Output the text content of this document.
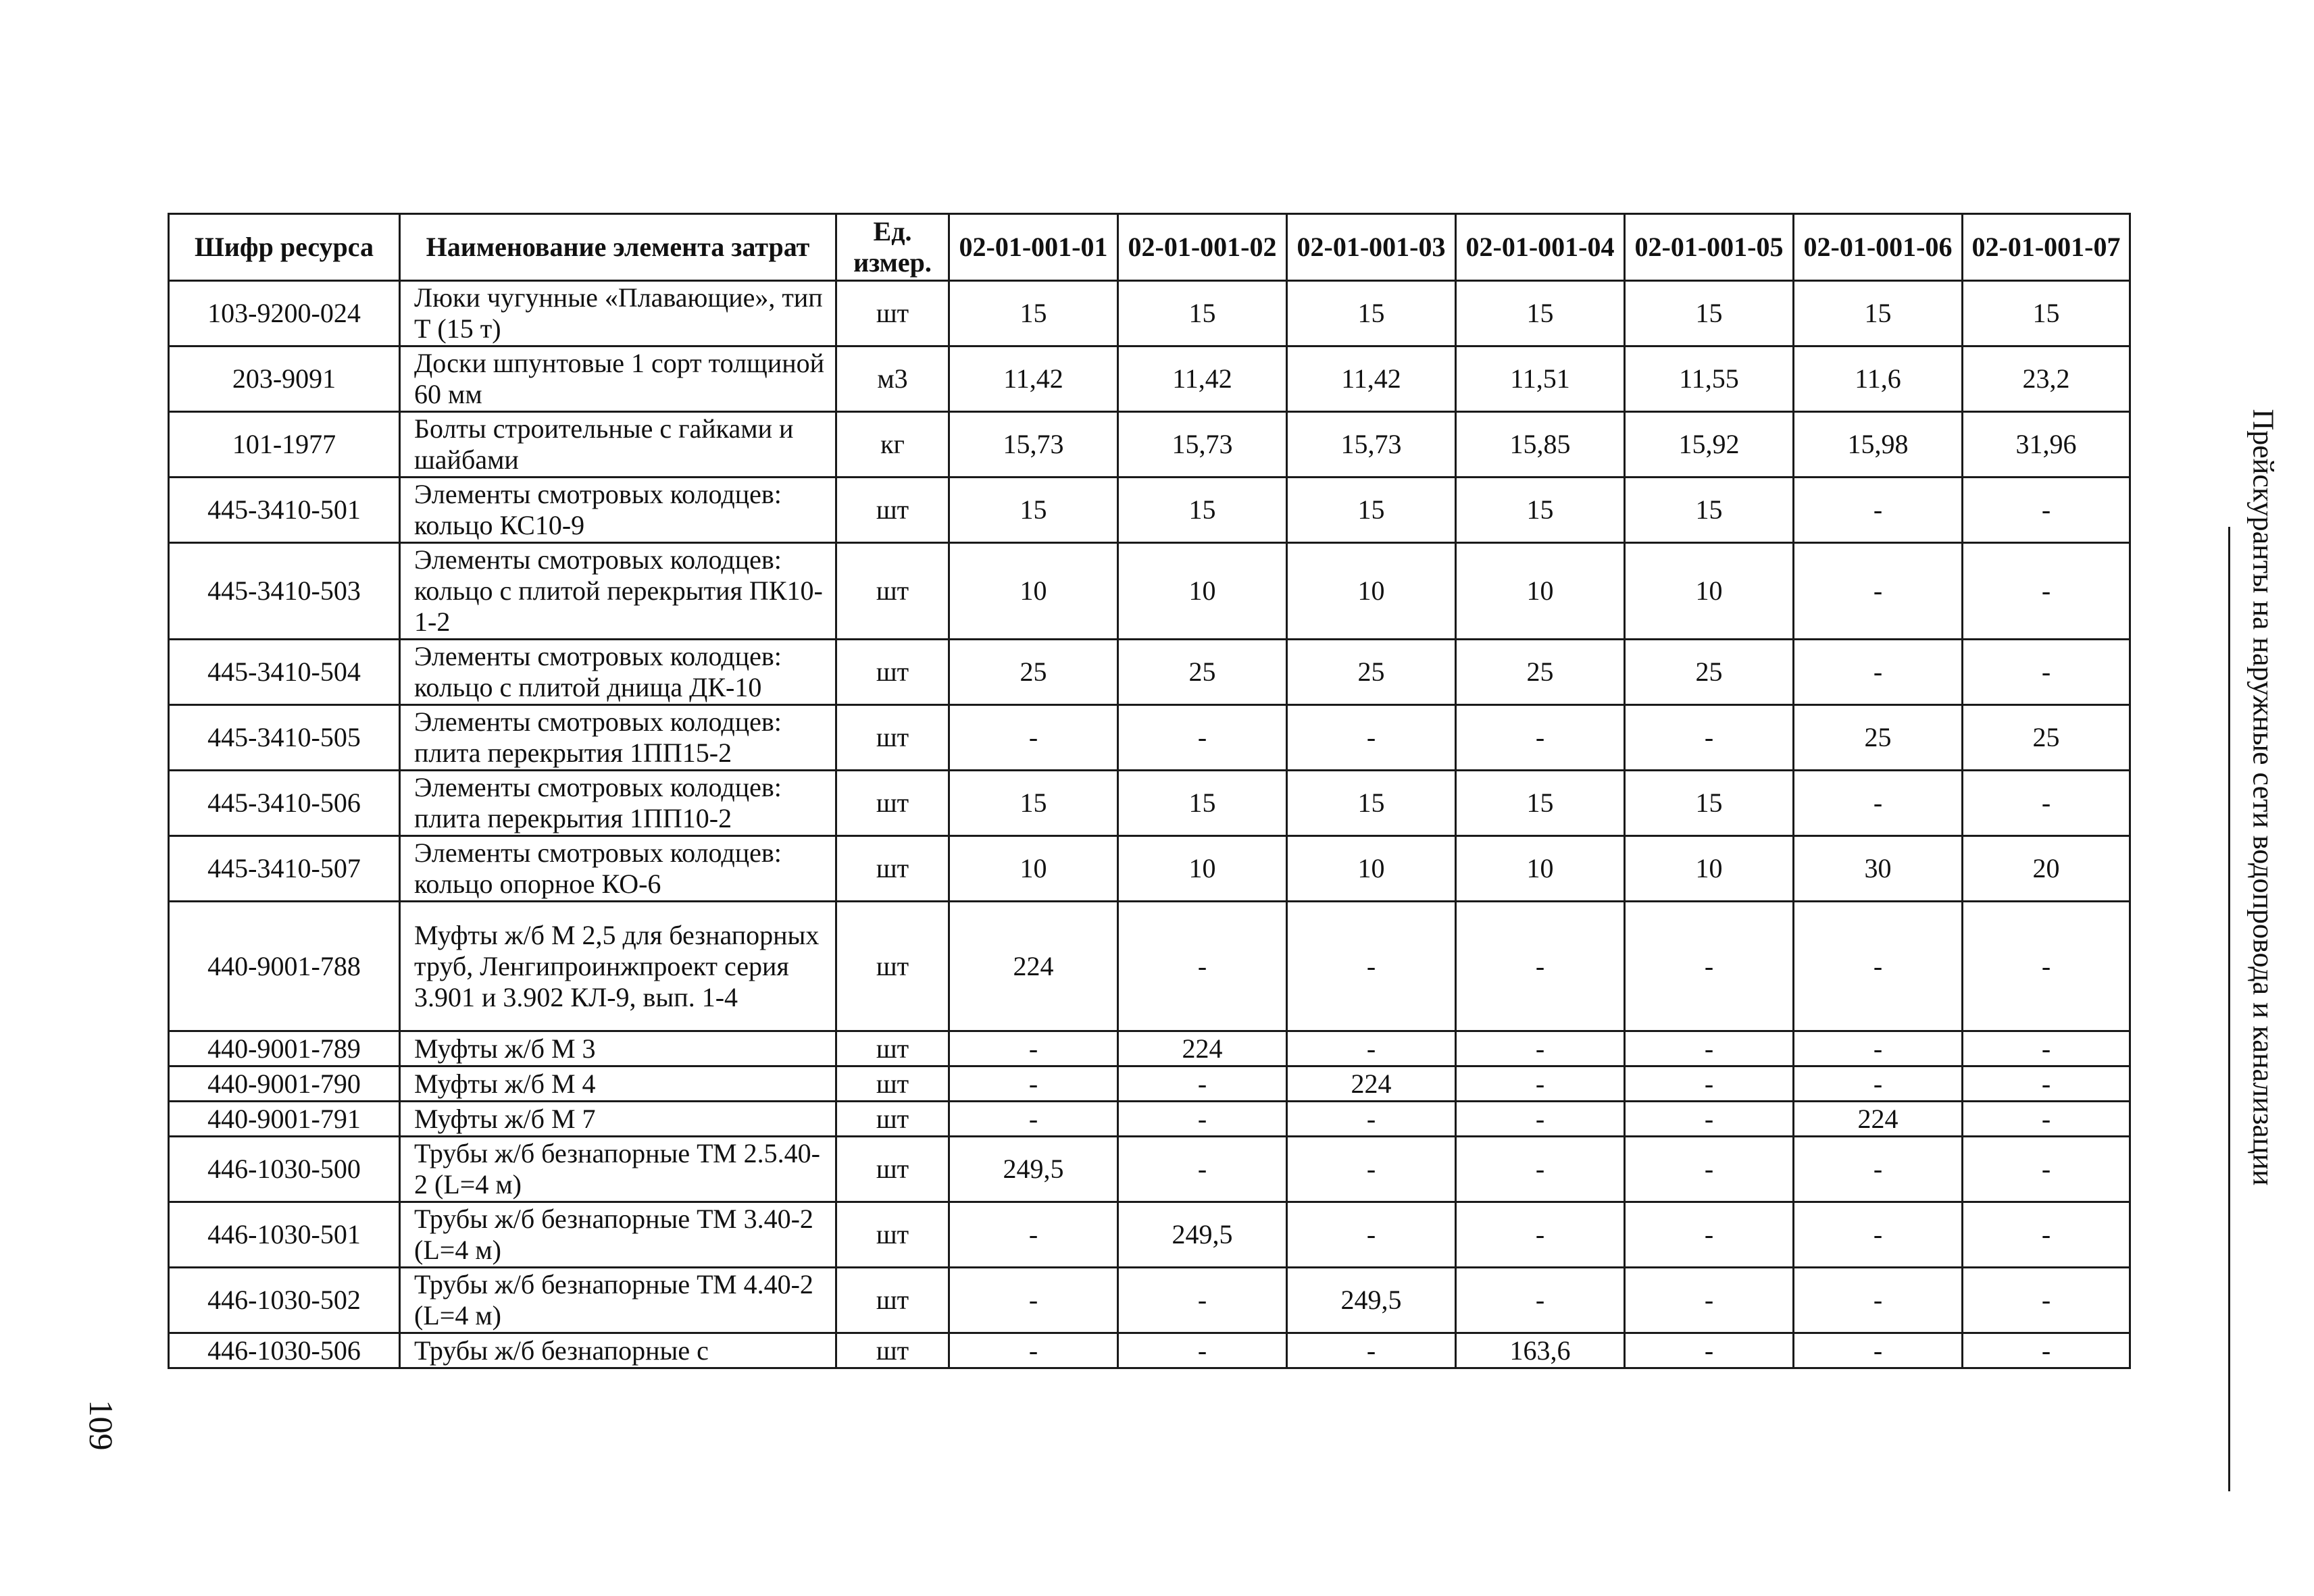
Шифр ресурса	Наименование элемента затрат	Ед. измер.	02-01-001-01	02-01-001-02	02-01-001-03	02-01-001-04	02-01-001-05	02-01-001-06	02-01-001-07
103-9200-024	Люки чугунные «Плавающие», тип Т (15 т)	шт	15	15	15	15	15	15	15
203-9091	Доски шпунтовые 1 сорт толщиной 60 мм	м3	11,42	11,42	11,42	11,51	11,55	11,6	23,2
101-1977	Болты строительные с гайками и шайбами	кг	15,73	15,73	15,73	15,85	15,92	15,98	31,96
445-3410-501	Элементы смотровых колодцев: кольцо КС10-9	шт	15	15	15	15	15	-	-
445-3410-503	Элементы смотровых колодцев: кольцо с плитой перекрытия ПК10-1-2	шт	10	10	10	10	10	-	-
445-3410-504	Элементы смотровых колодцев: кольцо с плитой днища ДК-10	шт	25	25	25	25	25	-	-
445-3410-505	Элементы смотровых колодцев: плита перекрытия 1ПП15-2	шт	-	-	-	-	-	25	25
445-3410-506	Элементы смотровых колодцев: плита перекрытия 1ПП10-2	шт	15	15	15	15	15	-	-
445-3410-507	Элементы смотровых колодцев: кольцо опорное КО-6	шт	10	10	10	10	10	30	20
440-9001-788	Муфты ж/б М 2,5 для безнапорных труб, Ленгипроинжпроект серия 3.901 и 3.902 КЛ-9, вып. 1-4	шт	224	-	-	-	-	-	-
440-9001-789	Муфты ж/б М 3	шт	-	224	-	-	-	-	-
440-9001-790	Муфты ж/б М 4	шт	-	-	224	-	-	-	-
440-9001-791	Муфты ж/б М 7	шт	-	-	-	-	-	224	-
446-1030-500	Трубы ж/б безнапорные ТМ 2.5.40-2 (L=4 м)	шт	249,5	-	-	-	-	-	-
446-1030-501	Трубы ж/б безнапорные ТМ 3.40-2 (L=4 м)	шт	-	249,5	-	-	-	-	-
446-1030-502	Трубы ж/б безнапорные ТМ 4.40-2 (L=4 м)	шт	-	-	249,5	-	-	-	-
446-1030-506	Трубы ж/б безнапорные с	шт	-	-	-	163,6	-	-	-
Прейскуранты на наружные сети водопровода и канализации
109
